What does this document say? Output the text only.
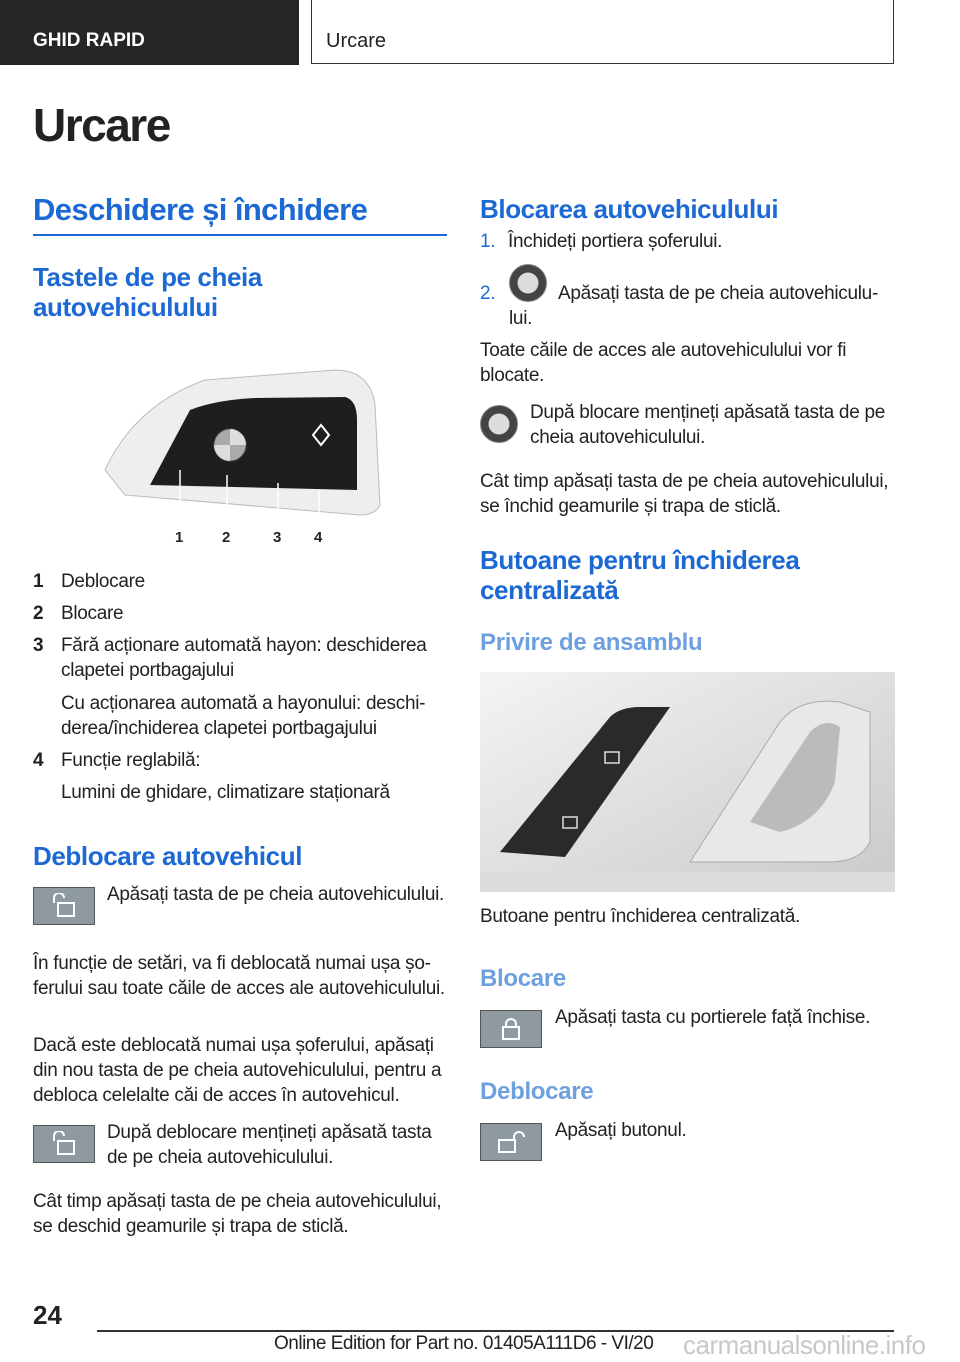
GHID RAPID	Urcare
Urcare
Deschidere și închidere
Tastele de pe cheia autovehiculului
1	2	3 4
1 Deblocare
2 Blocare
3 Fără acționare automată hayon: deschiderea clapetei portbagajului
Cu acționarea automată a hayonului: deschiderea/închiderea clapetei portbagajului
4 Funcție reglabilă:
Lumini de ghidare, climatizare staționară
Deblocare autovehicul
Apăsați tasta de pe cheia autovehiculului.
În funcție de setări, va fi deblocată numai ușa șoferului sau toate căile de acces ale autovehiculului.
Dacă este deblocată numai ușa șoferului, apăsați din nou tasta de pe cheia autovehiculului, pentru a debloca celelalte căi de acces în autovehicul.
După deblocare mențineți apăsată tasta de pe cheia autovehiculului.
Cât timp apăsați tasta de pe cheia autovehiculului, se deschid geamurile și trapa de sticlă.
Blocarea autovehiculului
1. Închideți portiera șoferului.
2.	Apăsați tasta de pe cheia autovehiculului.
Toate căile de acces ale autovehiculului vor fi blocate.
După blocare mențineți apăsată tasta de pe cheia autovehiculului.
Cât timp apăsați tasta de pe cheia autovehiculului, se închid geamurile și trapa de sticlă.
Butoane pentru închiderea centralizată
Privire de ansamblu
Butoane pentru închiderea centralizată.
Blocare
Apăsați tasta cu portierele față închise.
Deblocare
Apăsați butonul.
24
Online Edition for Part no. 01405A111D6 - VI/20 carmanualsonline.info
